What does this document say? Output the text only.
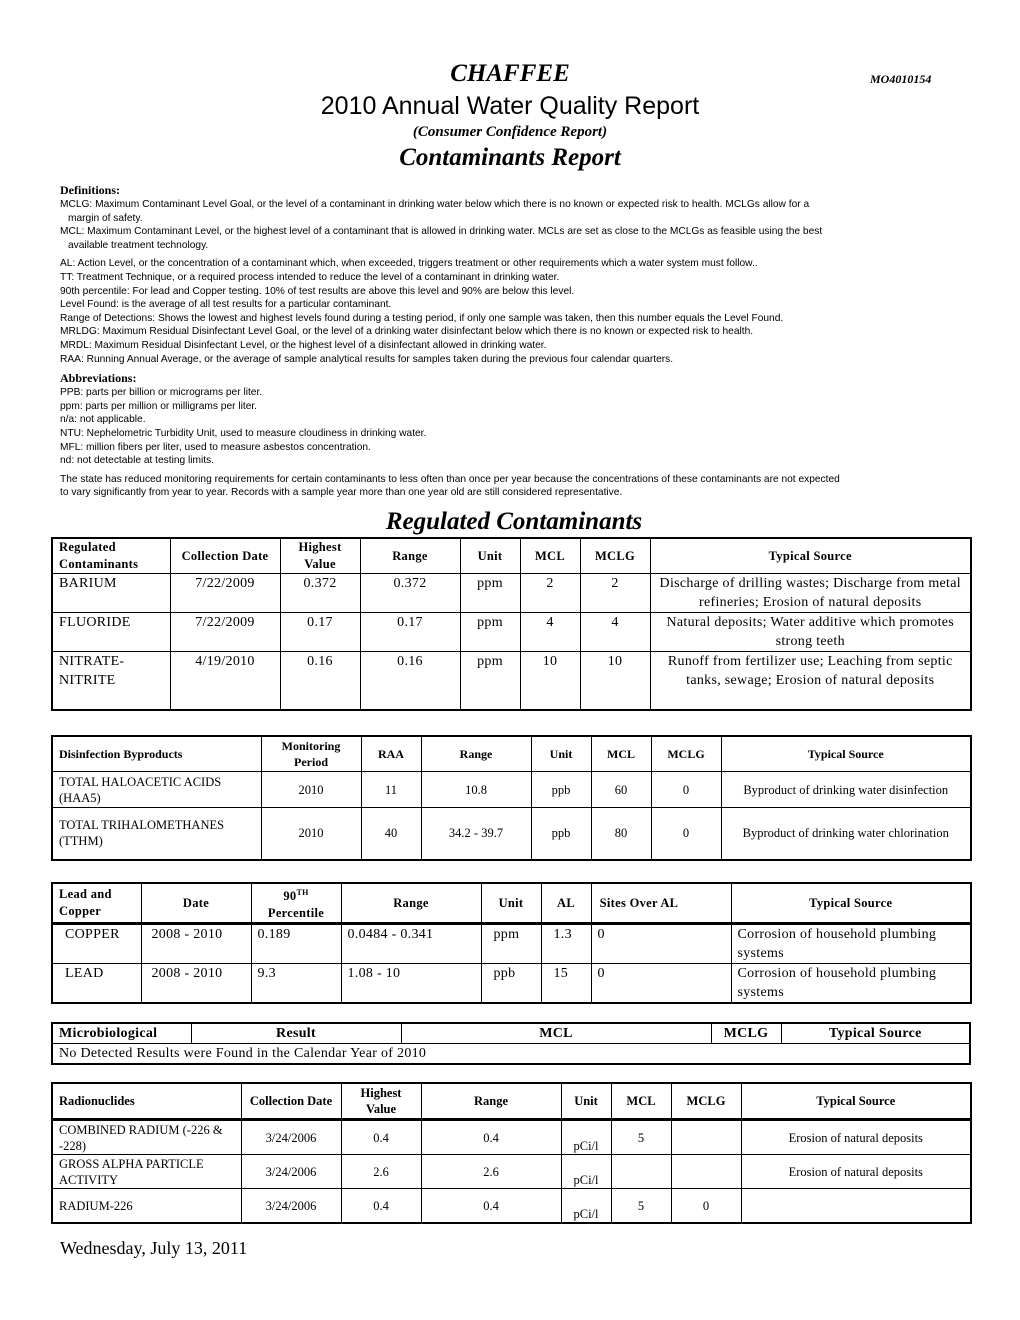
CHAFFEE	MO4010154
2010 Annual Water Quality Report
(Consumer Confidence Report)
Contaminants Report
Definitions:
MCLG: Maximum Contaminant Level Goal, or the level of a contaminant in drinking water below which there is no known or expected risk to health. MCLGs allow for a
margin of safety.
MCL: Maximum Contaminant Level, or the highest level of a contaminant that is allowed in drinking water. MCLs are set as close to the MCLGs as feasible using the best
available treatment technology.
AL: Action Level, or the concentration of a contaminant which, when exceeded, triggers treatment or other requirements which a water system must follow..
TT: Treatment Technique, or a required process intended to reduce the level of a contaminant in drinking water.
90th percentile: For lead and Copper testing. 10% of test results are above this level and 90% are below this level.
Level Found: is the average of all test results for a particular contaminant.
Range of Detections: Shows the lowest and highest levels found during a testing period, if only one sample was taken, then this number equals the Level Found.
MRLDG: Maximum Residual Disinfectant Level Goal, or the level of a drinking water disinfectant below which there is no known or expected risk to health.
MRDL: Maximum Residual Disinfectant Level, or the highest level of a disinfectant allowed in drinking water.
RAA: Running Annual Average, or the average of sample analytical results for samples taken during the previous four calendar quarters.
Abbreviations:
PPB: parts per billion or micrograms per liter.
ppm: parts per million or milligrams per liter.
n/a: not applicable.
NTU: Nephelometric Turbidity Unit, used to measure cloudiness in drinking water.
MFL: million fibers per liter, used to measure asbestos concentration.
nd: not detectable at testing limits.
The state has reduced monitoring requirements for certain contaminants to less often than once per year because the concentrations of these contaminants are not expected
to vary significantly from year to year. Records with a sample year more than one year old are still considered representative.
Regulated Contaminants
Regulated Contaminants	Collection Date	Highest Value	Range	Unit	MCL	MCLG	Typical Source
BARIUM	7/22/2009	0.372	0.372	ppm	2	2	Discharge of drilling wastes; Discharge from metal refineries; Erosion of natural deposits
FLUORIDE	7/22/2009	0.17	0.17	ppm	4	4	Natural deposits; Water additive which promotes strong teeth
NITRATE-NITRITE	4/19/2010	0.16	0.16	ppm	10	10	Runoff from fertilizer use; Leaching from septic tanks, sewage; Erosion of natural deposits
Disinfection Byproducts	Monitoring Period	RAA	Range	Unit	MCL	MCLG	Typical Source
TOTAL HALOACETIC ACIDS (HAA5)	2010	11	10.8	ppb	60	0	Byproduct of drinking water disinfection
TOTAL TRIHALOMETHANES (TTHM)	2010	40	34.2 - 39.7	ppb	80	0	Byproduct of drinking water chlorination
Lead and Copper	Date	90TH
Percentile	Range	Unit	AL	Sites Over AL	Typical Source
COPPER	2008 - 2010	0.189	0.0484 - 0.341	ppm	1.3	0	Corrosion of household plumbing systems
LEAD	2008 - 2010	9.3	1.08 - 10	ppb	15	0	Corrosion of household plumbing systems
Microbiological	Result	MCL	MCLG	Typical Source
No Detected Results were Found in the Calendar Year of 2010
Radionuclides	Collection Date	Highest Value	Range	Unit	MCL	MCLG	Typical Source
COMBINED RADIUM (-226 & -228)	3/24/2006	0.4	0.4	pCi/l	5		Erosion of natural deposits
GROSS ALPHA PARTICLE ACTIVITY	3/24/2006	2.6	2.6	pCi/l			Erosion of natural deposits
RADIUM-226	3/24/2006	0.4	0.4	pCi/l	5	0	
Wednesday, July 13, 2011
